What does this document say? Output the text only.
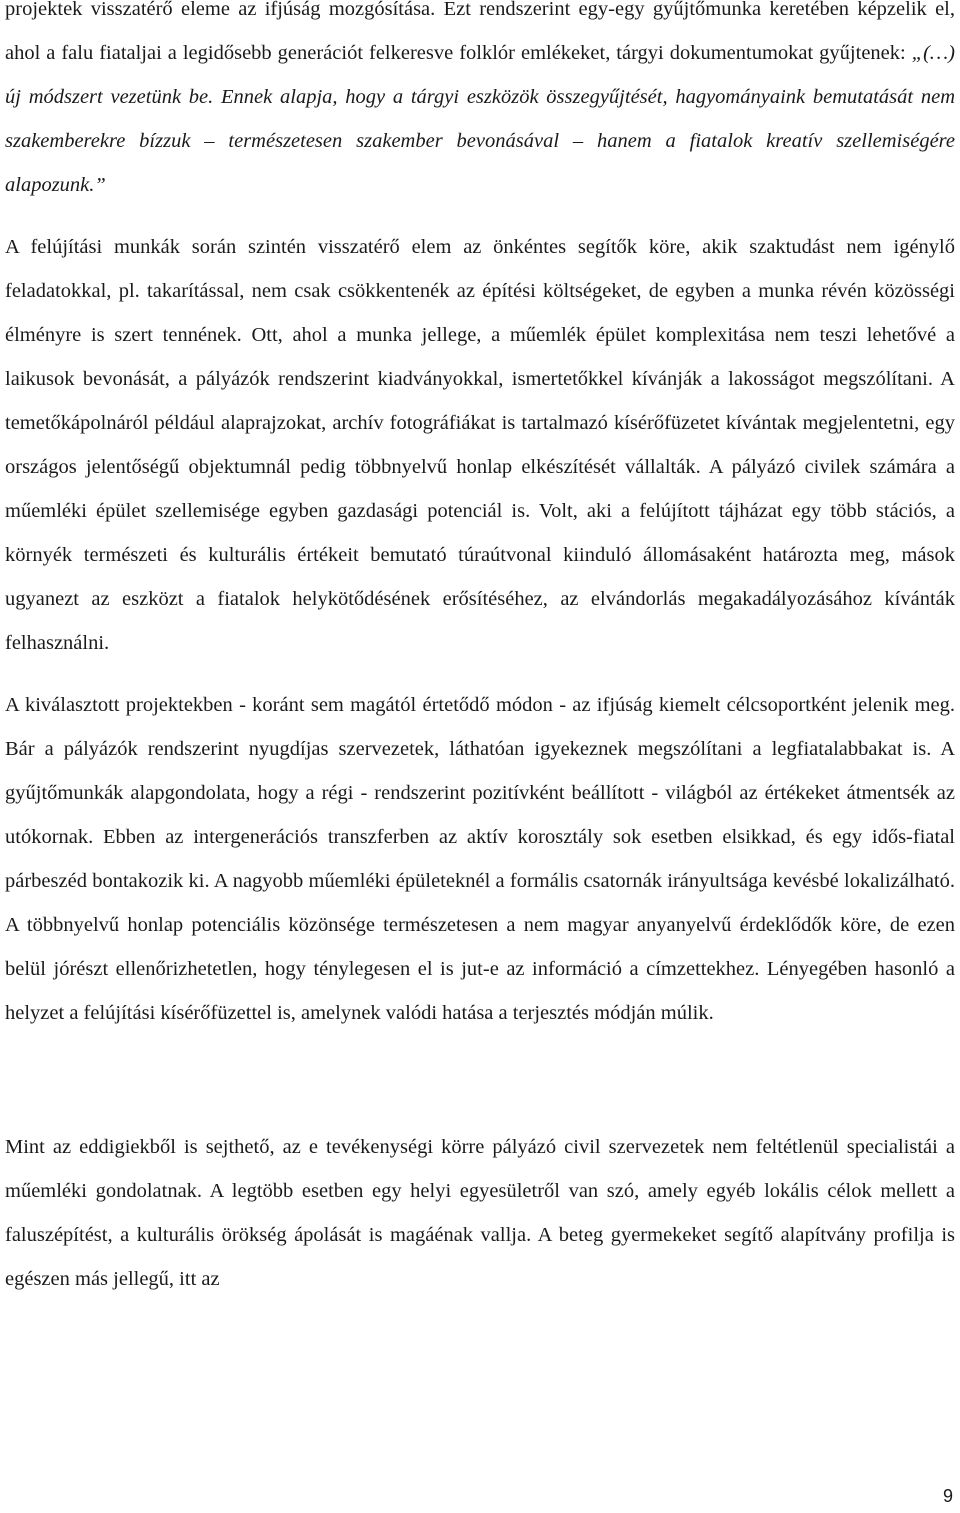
projektek visszatérő eleme az ifjúság mozgósítása. Ezt rendszerint egy-egy gyűjtőmunka keretében képzelik el, ahol a falu fiataljai a legidősebb generációt felkeresve folklór emlékeket, tárgyi dokumentumokat gyűjtenek: „(…) új módszert vezetünk be. Ennek alapja, hogy a tárgyi eszközök összegyűjtését, hagyományaink bemutatását nem szakemberekre bízzuk – természetesen szakember bevonásával – hanem a fiatalok kreatív szellemiségére alapozunk.”

A felújítási munkák során szintén visszatérő elem az önkéntes segítők köre, akik szaktudást nem igénylő feladatokkal, pl. takarítással, nem csak csökkentenék az építési költségeket, de egyben a munka révén közösségi élményre is szert tennének. Ott, ahol a munka jellege, a műemlék épület komplexitása nem teszi lehetővé a laikusok bevonását, a pályázók rendszerint kiadványokkal, ismertetőkkel kívánják a lakosságot megszólítani. A temetőkápolnáról például alaprajzokat, archív fotográfiákat is tartalmazó kísérőfüzetet kívántak megjelentetni, egy országos jelentőségű objektumnál pedig többnyelvű honlap elkészítését vállalták. A pályázó civilek számára a műemléki épület szellemisége egyben gazdasági potenciál is. Volt, aki a felújított tájházat egy több stációs, a környék természeti és kulturális értékeit bemutató túraútvonal kiinduló állomásaként határozta meg, mások ugyanezt az eszközt a fiatalok helykötődésének erősítéséhez, az elvándorlás megakadályozásához kívánták felhasználni.

A kiválasztott projektekben - koránt sem magától értetődő módon - az ifjúság kiemelt célcsoportként jelenik meg. Bár a pályázók rendszerint nyugdíjas szervezetek, láthatóan igyekeznek megszólítani a legfiatalabbakat is. A gyűjtőmunkák alapgondolata, hogy a régi - rendszerint pozitívként beállított - világból az értékeket átmentsék az utókornak. Ebben az intergenerációs transzferben az aktív korosztály sok esetben elsikkad, és egy idős-fiatal párbeszéd bontakozik ki. A nagyobb műemléki épületeknél a formális csatornák irányultsága kevésbé lokalizálható. A többnyelvű honlap potenciális közönsége természetesen a nem magyar anyanyelvű érdeklődők köre, de ezen belül jórészt ellenőrizhetetlen, hogy ténylegesen el is jut-e az információ a címzettekhez. Lényegében hasonló a helyzet a felújítási kísérőfüzettel is, amelynek valódi hatása a terjesztés módján múlik.

Mint az eddigiekből is sejthető, az e tevékenységi körre pályázó civil szervezetek nem feltétlenül specialistái a műemléki gondolatnak. A legtöbb esetben egy helyi egyesületről van szó, amely egyéb lokális célok mellett a faluszépítést, a kulturális örökség ápolását is magáénak vallja. A beteg gyermekeket segítő alapítvány profilja is egészen más jellegű, itt az

9
